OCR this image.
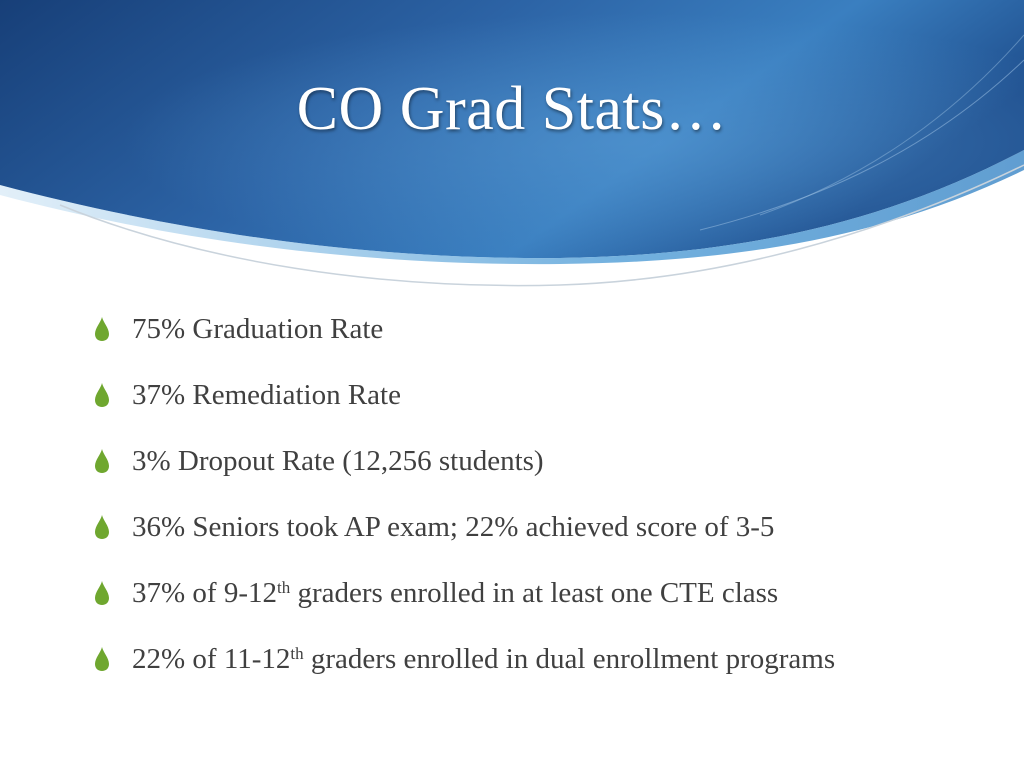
CO Grad Stats…
75% Graduation Rate
37% Remediation Rate
3% Dropout Rate (12,256 students)
36% Seniors took AP exam; 22% achieved score of 3-5
37% of 9-12th graders enrolled in at least one CTE class
22% of 11-12th graders enrolled in dual enrollment programs
